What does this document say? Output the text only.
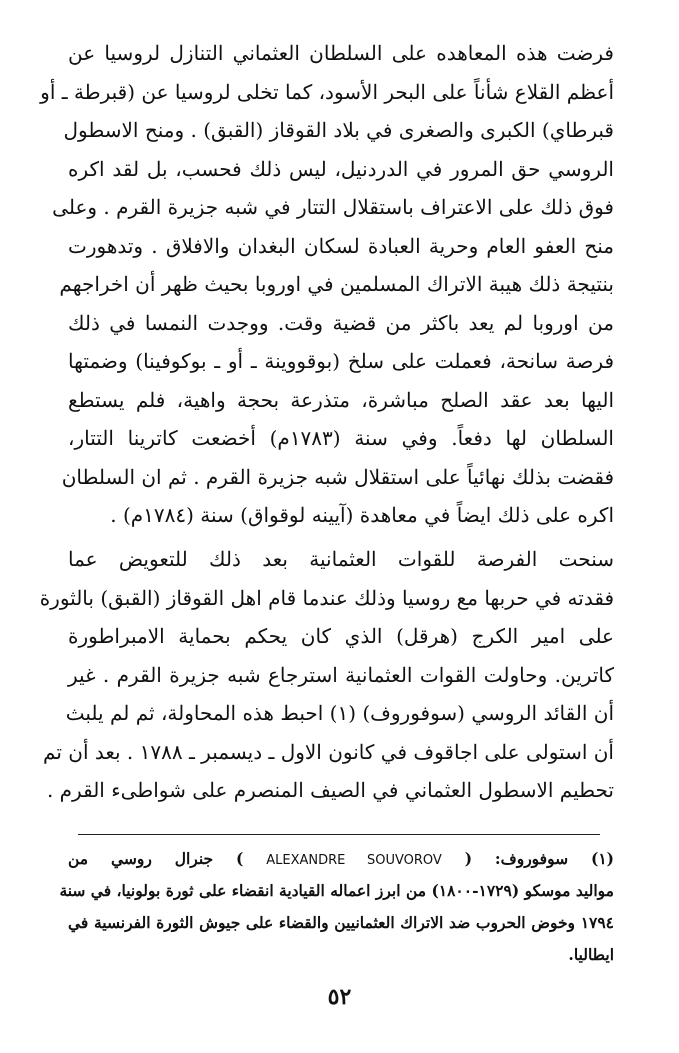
فرضت هذه المعاهده على السلطان العثماني التنازل لروسيا عن
أعظم القلاع شأناً على البحر الأسود، كما تخلى لروسيا عن (قبرطة ـ أو
قبرطاي) الكبرى والصغرى في بلاد القوقاز (القبق) . ومنح الاسطول
الروسي حق المرور في الدردنيل، ليس ذلك فحسب، بل لقد اكره
فوق ذلك على الاعتراف باستقلال التتار في شبه جزيرة القرم . وعلى
منح العفو العام وحرية العبادة لسكان البغدان والافلاق . وتدهورت
بنتيجة ذلك هيبة الاتراك المسلمين في اوروبا بحيث ظهر أن اخراجهم
من اوروبا لم يعد باكثر من قضية وقت. ووجدت النمسا في ذلك
فرصة سانحة، فعملت على سلخ (بوقووينة ـ أو ـ بوكوفينا) وضمتها
اليها بعد عقد الصلح مباشرة، متذرعة بحجة واهية، فلم يستطع
السلطان لها دفعاً. وفي سنة (١٧٨٣م) أخضعت كاترينا التتار،
فقضت بذلك نهائياً على استقلال شبه جزيرة القرم . ثم ان السلطان
اكره على ذلك ايضاً في معاهدة (آيينه لوقواق) سنة (١٧٨٤م) .
سنحت الفرصة للقوات العثمانية بعد ذلك للتعويض عما
فقدته في حربها مع روسيا وذلك عندما قام اهل القوقاز (القبق) بالثورة
على امير الكرج (هرقل) الذي كان يحكم بحماية الامبراطورة
كاترين. وحاولت القوات العثمانية استرجاع شبه جزيرة القرم . غير
أن القائد الروسي (سوفوروف) (١) احبط هذه المحاولة، ثم لم يلبث
أن استولى على اجاقوف في كانون الاول ـ ديسمبر ـ ١٧٨٨ . بعد أن تم
تحطيم الاسطول العثماني في الصيف المنصرم على شواطىء القرم .
(١) سوفوروف: ( ALEXANDRE SOUVOROV ) جنرال روسي من
مواليد موسكو (١٧٢٩-١٨٠٠) من ابرز اعماله القيادية انقضاء على ثورة بولونيا، في سنة
١٧٩٤ وخوض الحروب ضد الاتراك العثمانيين والقضاء على جيوش الثورة الفرنسية في
ايطاليا.
٥٢
